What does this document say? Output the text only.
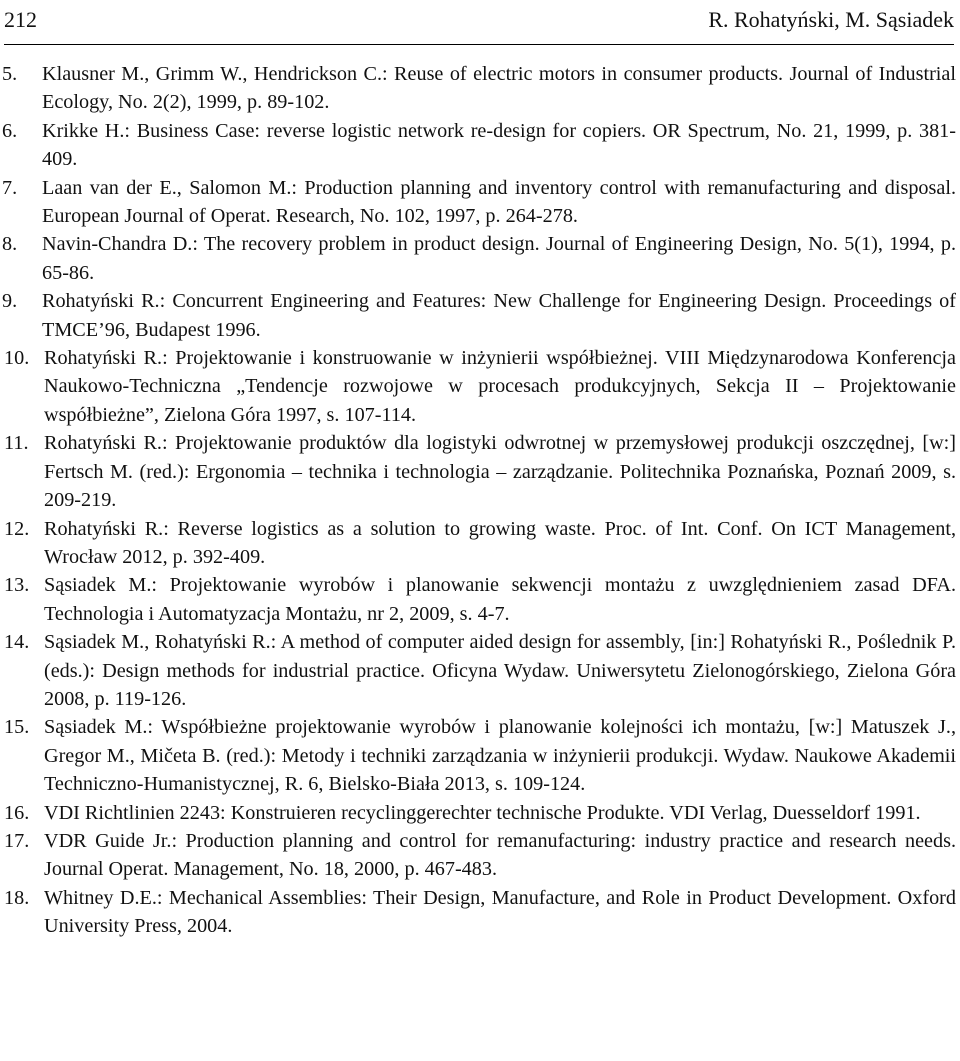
212	R. Rohatyński, M. Sąsiadek
5.	Klausner M., Grimm W., Hendrickson C.: Reuse of electric motors in consumer products. Journal of Industrial Ecology, No. 2(2), 1999, p. 89-102.
6.	Krikke H.: Business Case: reverse logistic network re-design for copiers. OR Spectrum, No. 21, 1999, p. 381-409.
7.	Laan van der E., Salomon M.: Production planning and inventory control with remanufacturing and disposal. European Journal of Operat. Research, No. 102, 1997, p. 264-278.
8.	Navin-Chandra D.: The recovery problem in product design. Journal of Engineering Design, No. 5(1), 1994, p. 65-86.
9.	Rohatyński R.: Concurrent Engineering and Features: New Challenge for Engineering Design. Proceedings of TMCE’96, Budapest 1996.
10. Rohatyński R.: Projektowanie i konstruowanie w inżynierii współbieżnej. VIII Międzynarodowa Konferencja Naukowo-Techniczna „Tendencje rozwojowe w procesach produkcyjnych, Sekcja II – Projektowanie współbieżne”, Zielona Góra 1997, s. 107-114.
11. Rohatyński R.: Projektowanie produktów dla logistyki odwrotnej w przemysłowej produkcji oszczędnej, [w:] Fertsch M. (red.): Ergonomia – technika i technologia – zarządzanie. Politechnika Poznańska, Poznań 2009, s. 209-219.
12. Rohatyński R.: Reverse logistics as a solution to growing waste. Proc. of Int. Conf. On ICT Management, Wrocław 2012, p. 392-409.
13. Sąsiadek M.: Projektowanie wyrobów i planowanie sekwencji montażu z uwzględnieniem zasad DFA. Technologia i Automatyzacja Montażu, nr 2, 2009, s. 4-7.
14. Sąsiadek M., Rohatyński R.: A method of computer aided design for assembly, [in:] Rohatyński R., Poślednik P. (eds.): Design methods for industrial practice. Oficyna Wydaw. Uniwersytetu Zielonogórskiego, Zielona Góra 2008, p. 119-126.
15. Sąsiadek M.: Współbieżne projektowanie wyrobów i planowanie kolejności ich montażu, [w:] Matuszek J., Gregor M., Mičeta B. (red.): Metody i techniki zarządzania w inżynierii produkcji. Wydaw. Naukowe Akademii Techniczno-Humanistycznej, R. 6, Bielsko-Biała 2013, s. 109-124.
16. VDI Richtlinien 2243: Konstruieren recyclinggerechter technische Produkte. VDI Verlag, Duesseldorf 1991.
17. VDR Guide Jr.: Production planning and control for remanufacturing: industry practice and research needs. Journal Operat. Management, No. 18, 2000, p. 467-483.
18. Whitney D.E.: Mechanical Assemblies: Their Design, Manufacture, and Role in Product Development. Oxford University Press, 2004.
